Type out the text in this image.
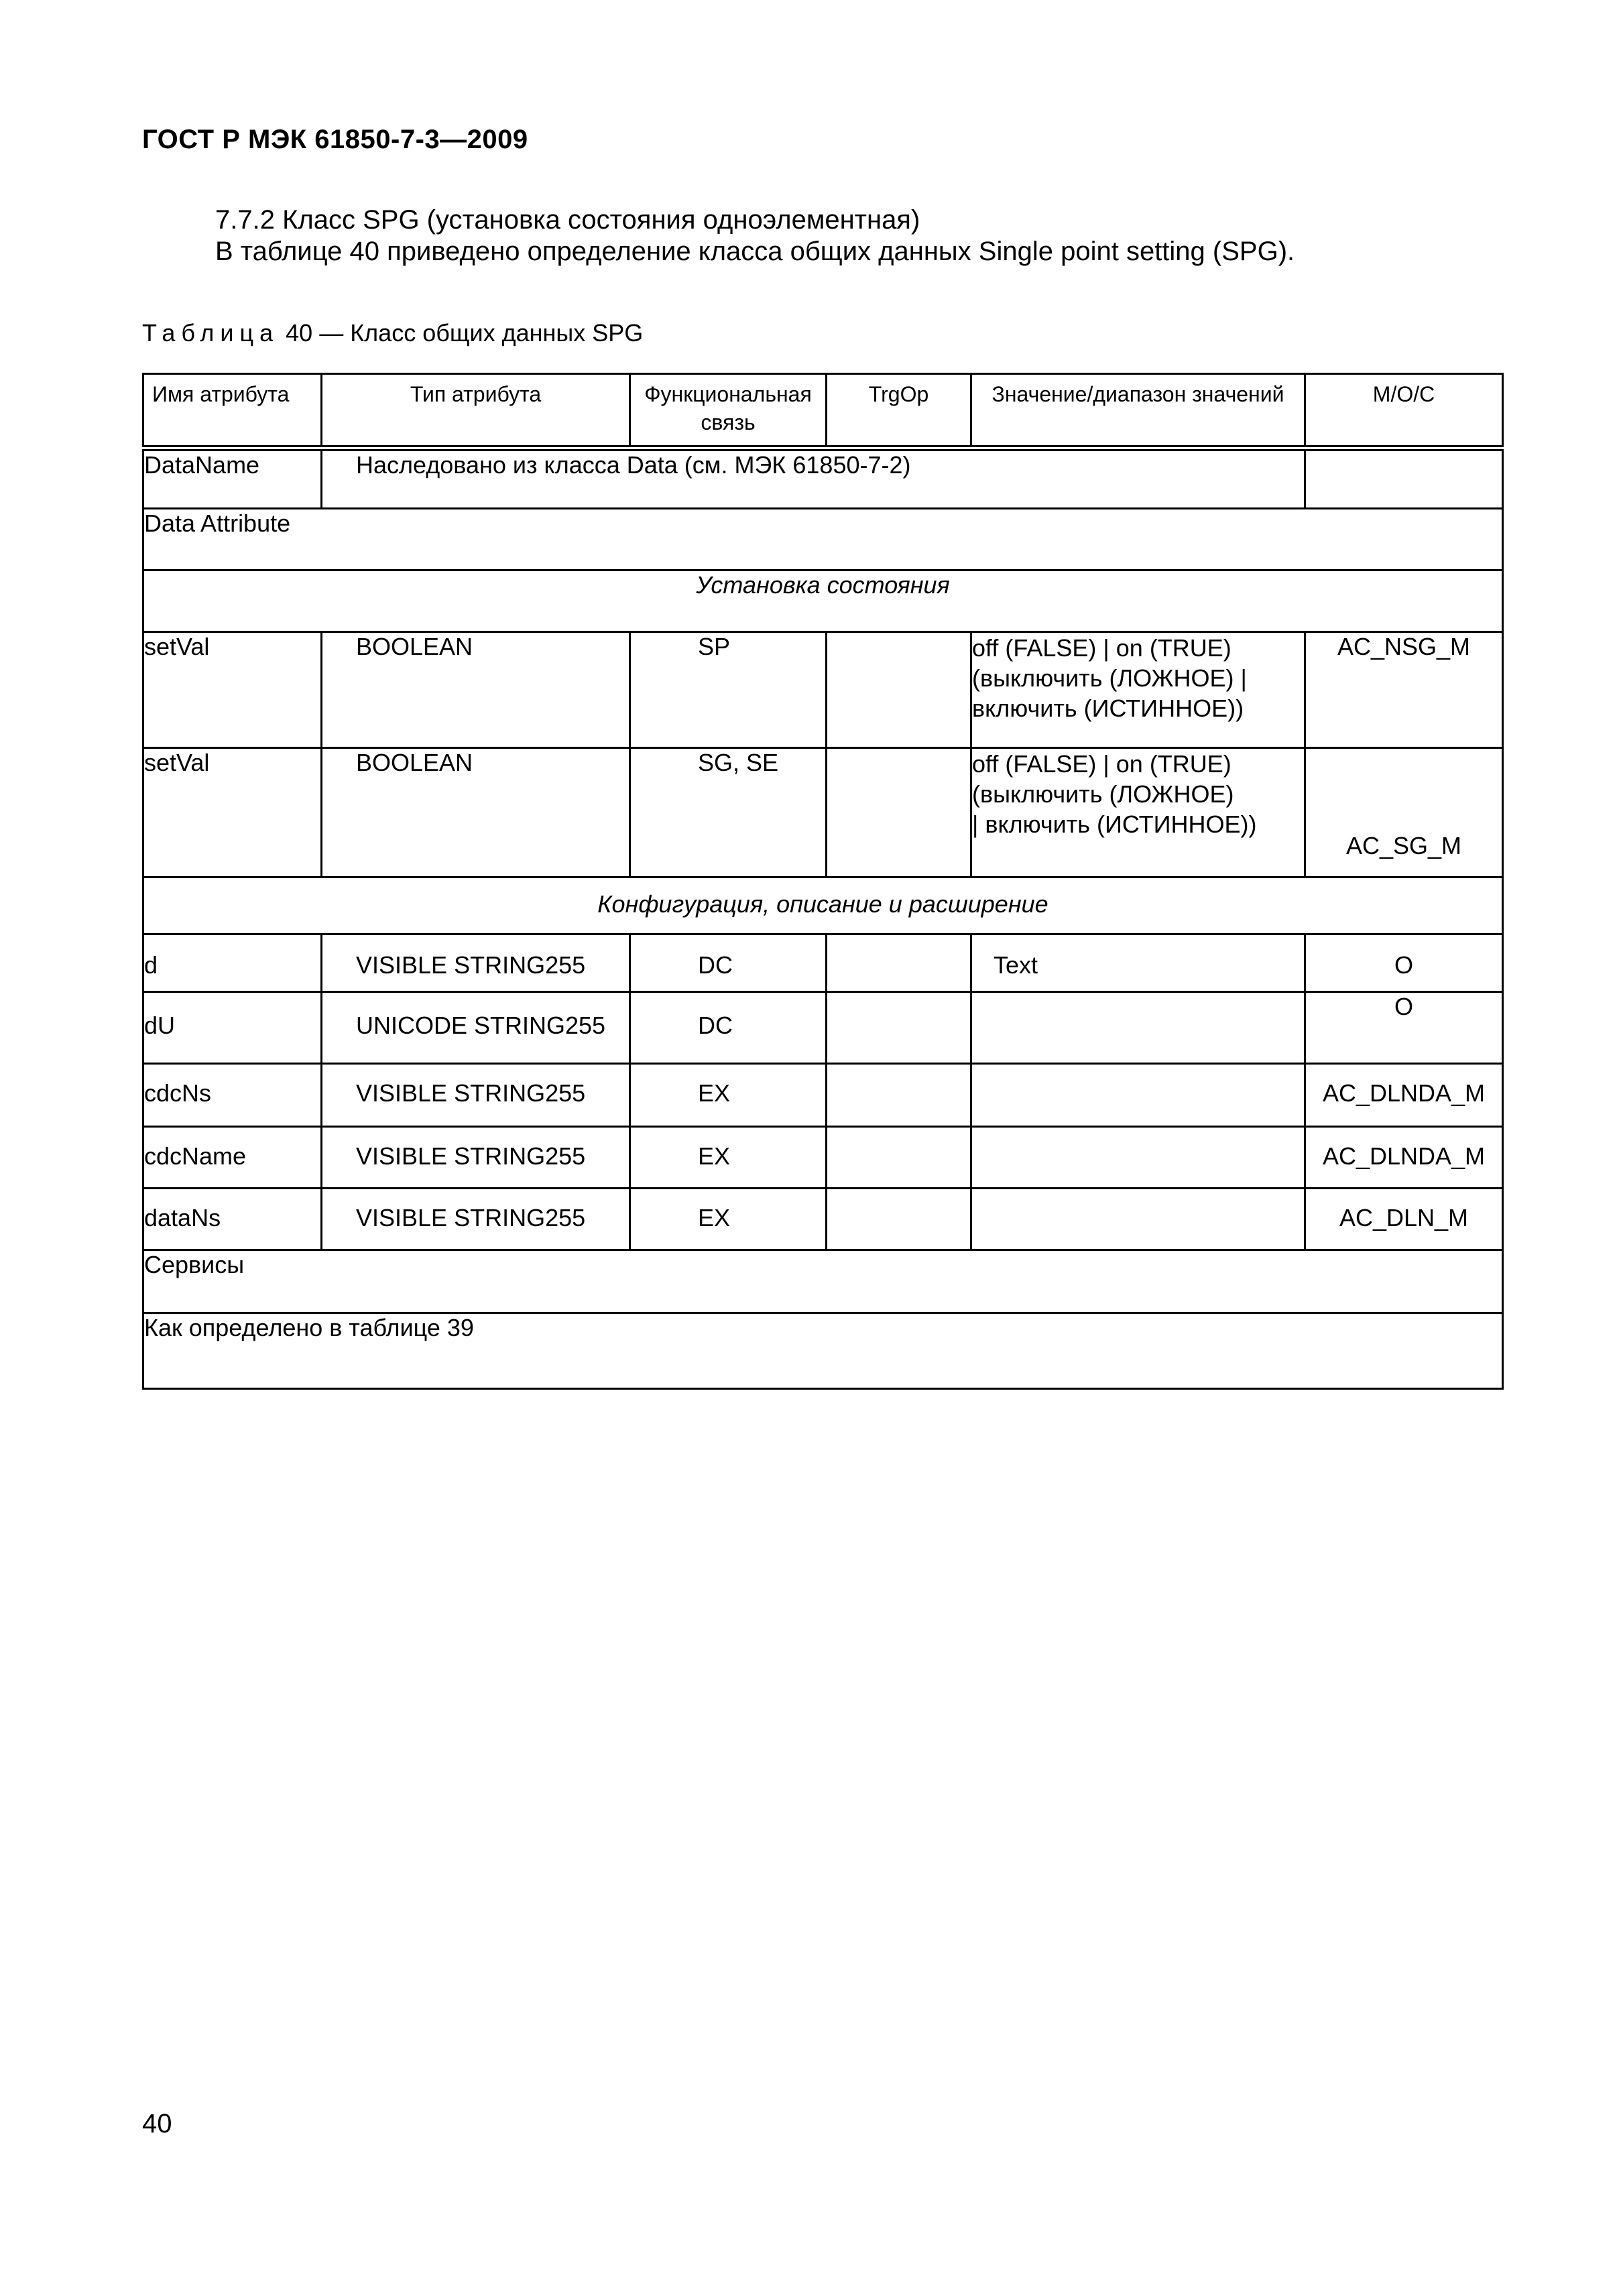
ГОСТ Р МЭК 61850-7-3—2009
7.7.2 Класс SPG (установка состояния одноэлементная)
В таблице 40 приведено определение класса общих данных Single point setting (SPG).
Таблица 40 — Класс общих данных SPG
Имя атрибута	Тип атрибута	Функциональная связь	TrgOp	Значение/диапазон значений	М/О/С
DataName	Наследовано из класса Data (см. МЭК 61850-7-2)				
Data Attribute					
Установка состояния					
setVal	BOOLEAN	SP		off (FALSE) | on (TRUE)
(выключить (ЛОЖНОЕ) |
включить (ИСТИННОЕ))	AC_NSG_M
setVal	BOOLEAN	SG, SE		off (FALSE) | on (TRUE)
(выключить (ЛОЖНОЕ)
| включить (ИСТИННОЕ))	AC_SG_M
Конфигурация, описание и расширение					
d	VISIBLE STRING255	DC		Text	O
dU	UNICODE STRING255	DC			O
cdcNs	VISIBLE STRING255	EX			AC_DLNDA_M
cdcName	VISIBLE STRING255	EX			AC_DLNDA_M
dataNs	VISIBLE STRING255	EX			AC_DLN_M
Сервисы					
Как определено в таблице 39					
40
